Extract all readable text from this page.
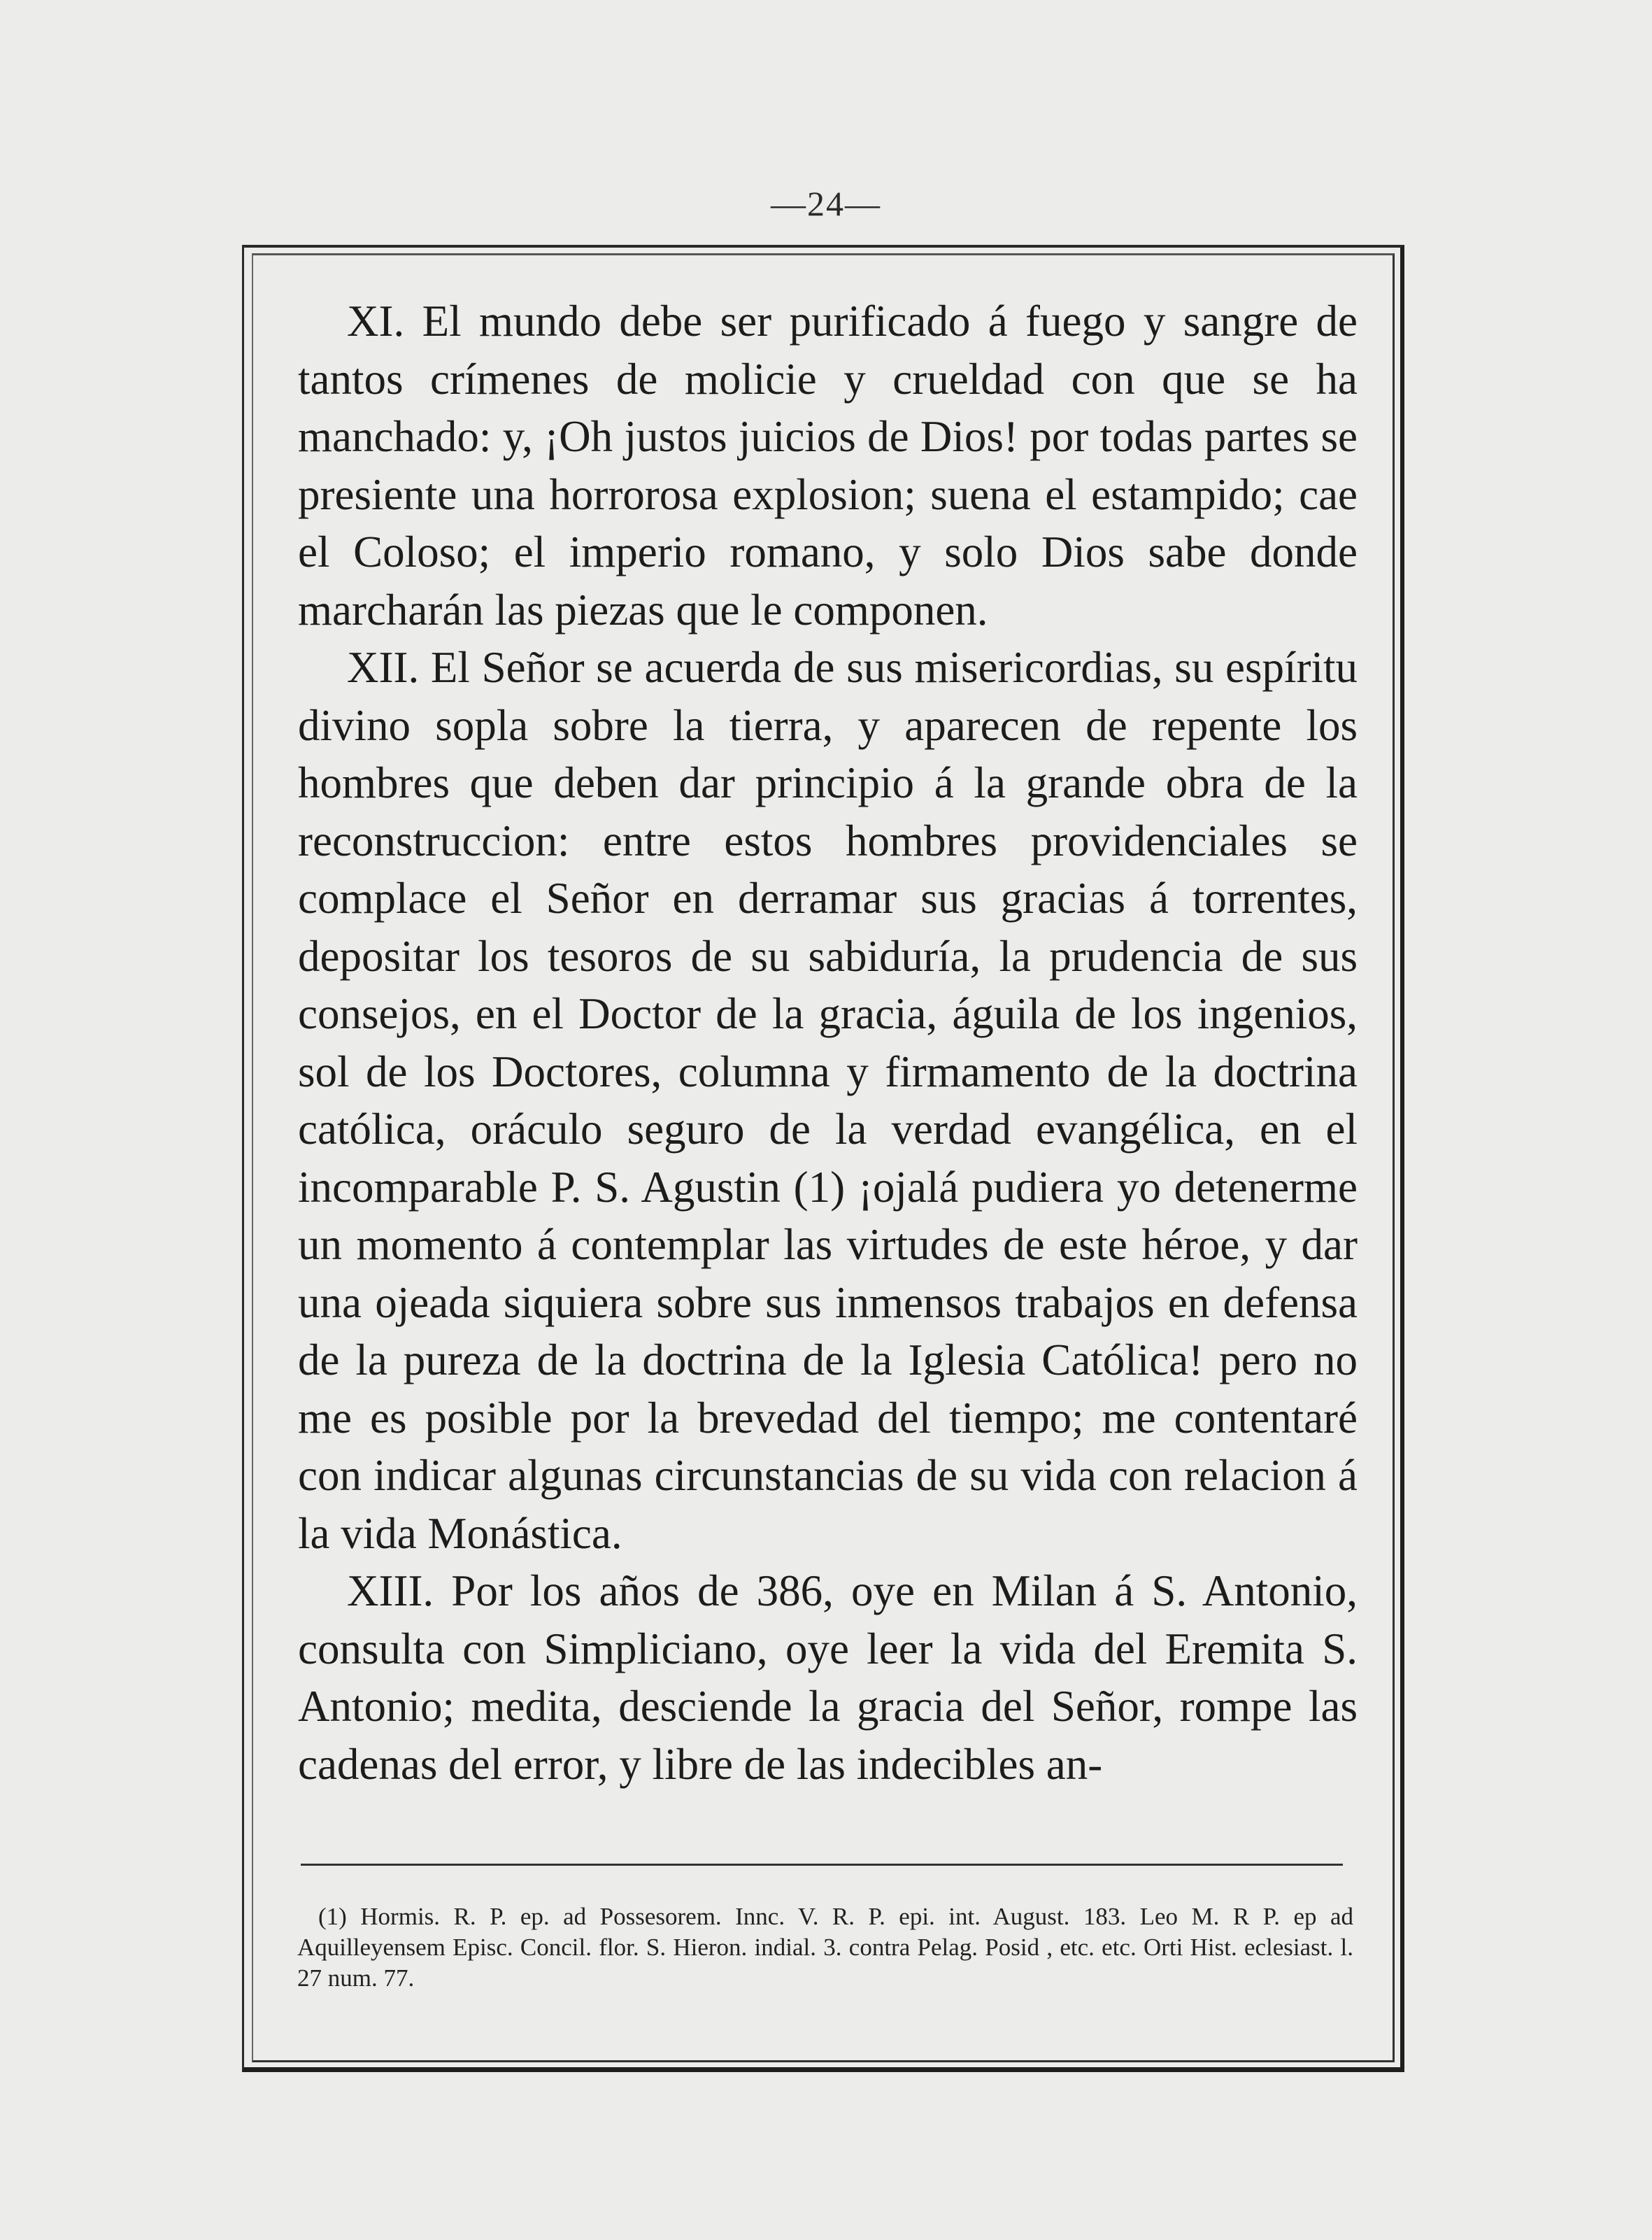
—24—

XI. El mundo debe ser purificado á fuego y sangre de tantos crímenes de molicie y crueldad con que se ha manchado: y, ¡Oh justos juicios de Dios! por todas partes se presiente una horrorosa explosion; suena el estampido; cae el Coloso; el imperio romano, y solo Dios sabe donde marcharán las piezas que le componen.

XII. El Señor se acuerda de sus misericordias, su espíritu divino sopla sobre la tierra, y aparecen de repente los hombres que deben dar principio á la grande obra de la reconstruccion: entre estos hombres providenciales se complace el Señor en derramar sus gracias á torrentes, depositar los tesoros de su sabiduría, la prudencia de sus consejos, en el Doctor de la gracia, águila de los ingenios, sol de los Doctores, columna y firmamento de la doctrina católica, oráculo seguro de la verdad evangélica, en el incomparable P. S. Agustin (1) ¡ojalá pudiera yo detenerme un momento á contemplar las virtudes de este héroe, y dar una ojeada siquiera sobre sus inmensos trabajos en defensa de la pureza de la doctrina de la Iglesia Católica! pero no me es posible por la brevedad del tiempo; me contentaré con indicar algunas circunstancias de su vida con relacion á la vida Monástica.

XIII. Por los años de 386, oye en Milan á S. Antonio, consulta con Simpliciano, oye leer la vida del Eremita S. Antonio; medita, desciende la gracia del Señor, rompe las cadenas del error, y libre de las indecibles an-

(1) Hormis. R. P. ep. ad Possesorem. Innc. V. R. P. epi. int. August. 183. Leo M. R P. ep ad Aquilleyensem Episc. Concil. flor. S. Hieron. indial. 3. contra Pelag. Posid , etc. etc. Orti Hist. eclesiast. l. 27 num. 77.
